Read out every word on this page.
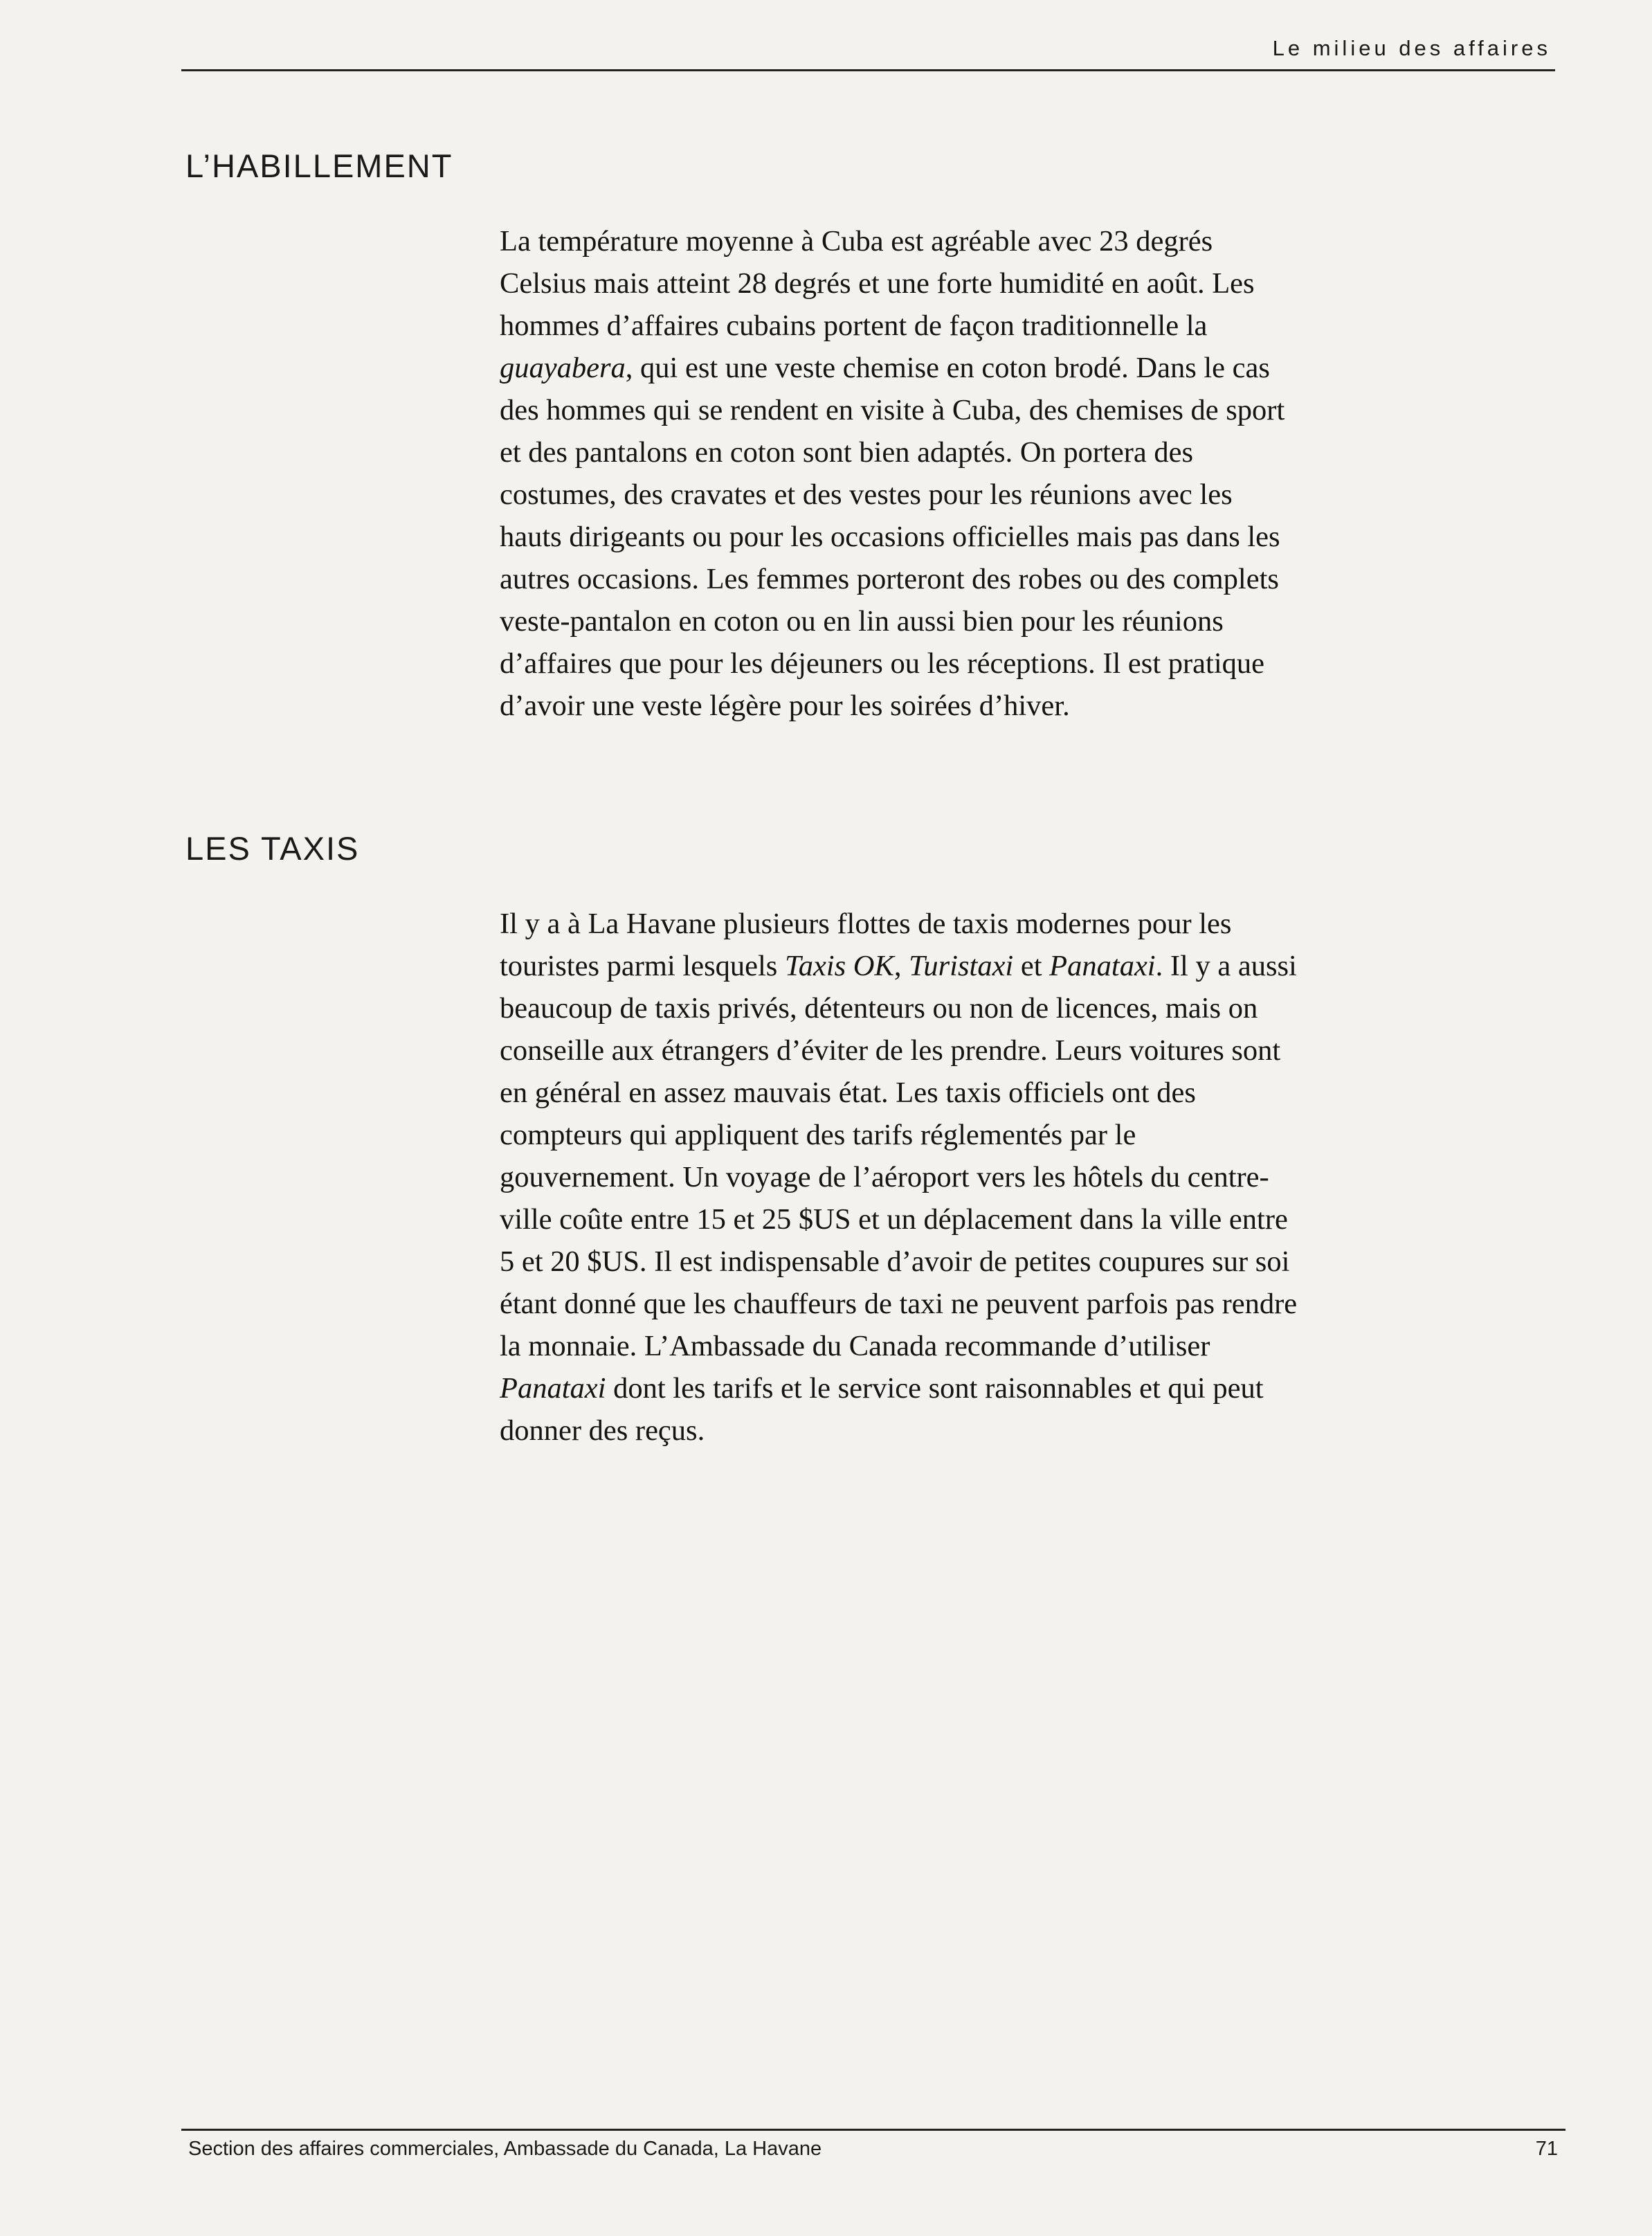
Le milieu des affaires
L’HABILLEMENT

La température moyenne à Cuba est agréable avec 23 degrés
Celsius mais atteint 28 degrés et une forte humidité en août. Les
hommes d’affaires cubains portent de façon traditionnelle la
guayabera, qui est une veste chemise en coton brodé. Dans le cas
des hommes qui se rendent en visite à Cuba, des chemises de sport
et des pantalons en coton sont bien adaptés. On portera des
costumes, des cravates et des vestes pour les réunions avec les
hauts dirigeants ou pour les occasions officielles mais pas dans les
autres occasions. Les femmes porteront des robes ou des complets
veste-pantalon en coton ou en lin aussi bien pour les réunions
d’affaires que pour les déjeuners ou les réceptions. Il est pratique
d’avoir une veste légère pour les soirées d’hiver.

LES TAXIS

Il y a à La Havane plusieurs flottes de taxis modernes pour les
touristes parmi lesquels Taxis OK, Turistaxi et Panataxi. Il y a aussi
beaucoup de taxis privés, détenteurs ou non de licences, mais on
conseille aux étrangers d’éviter de les prendre. Leurs voitures sont
en général en assez mauvais état. Les taxis officiels ont des
compteurs qui appliquent des tarifs réglementés par le
gouvernement. Un voyage de l’aéroport vers les hôtels du centre-
ville coûte entre 15 et 25 $US et un déplacement dans la ville entre
5 et 20 $US. Il est indispensable d’avoir de petites coupures sur soi
étant donné que les chauffeurs de taxi ne peuvent parfois pas rendre
la monnaie. L’Ambassade du Canada recommande d’utiliser
Panataxi dont les tarifs et le service sont raisonnables et qui peut
donner des reçus.

Section des affaires commerciales, Ambassade du Canada, La Havane	71
